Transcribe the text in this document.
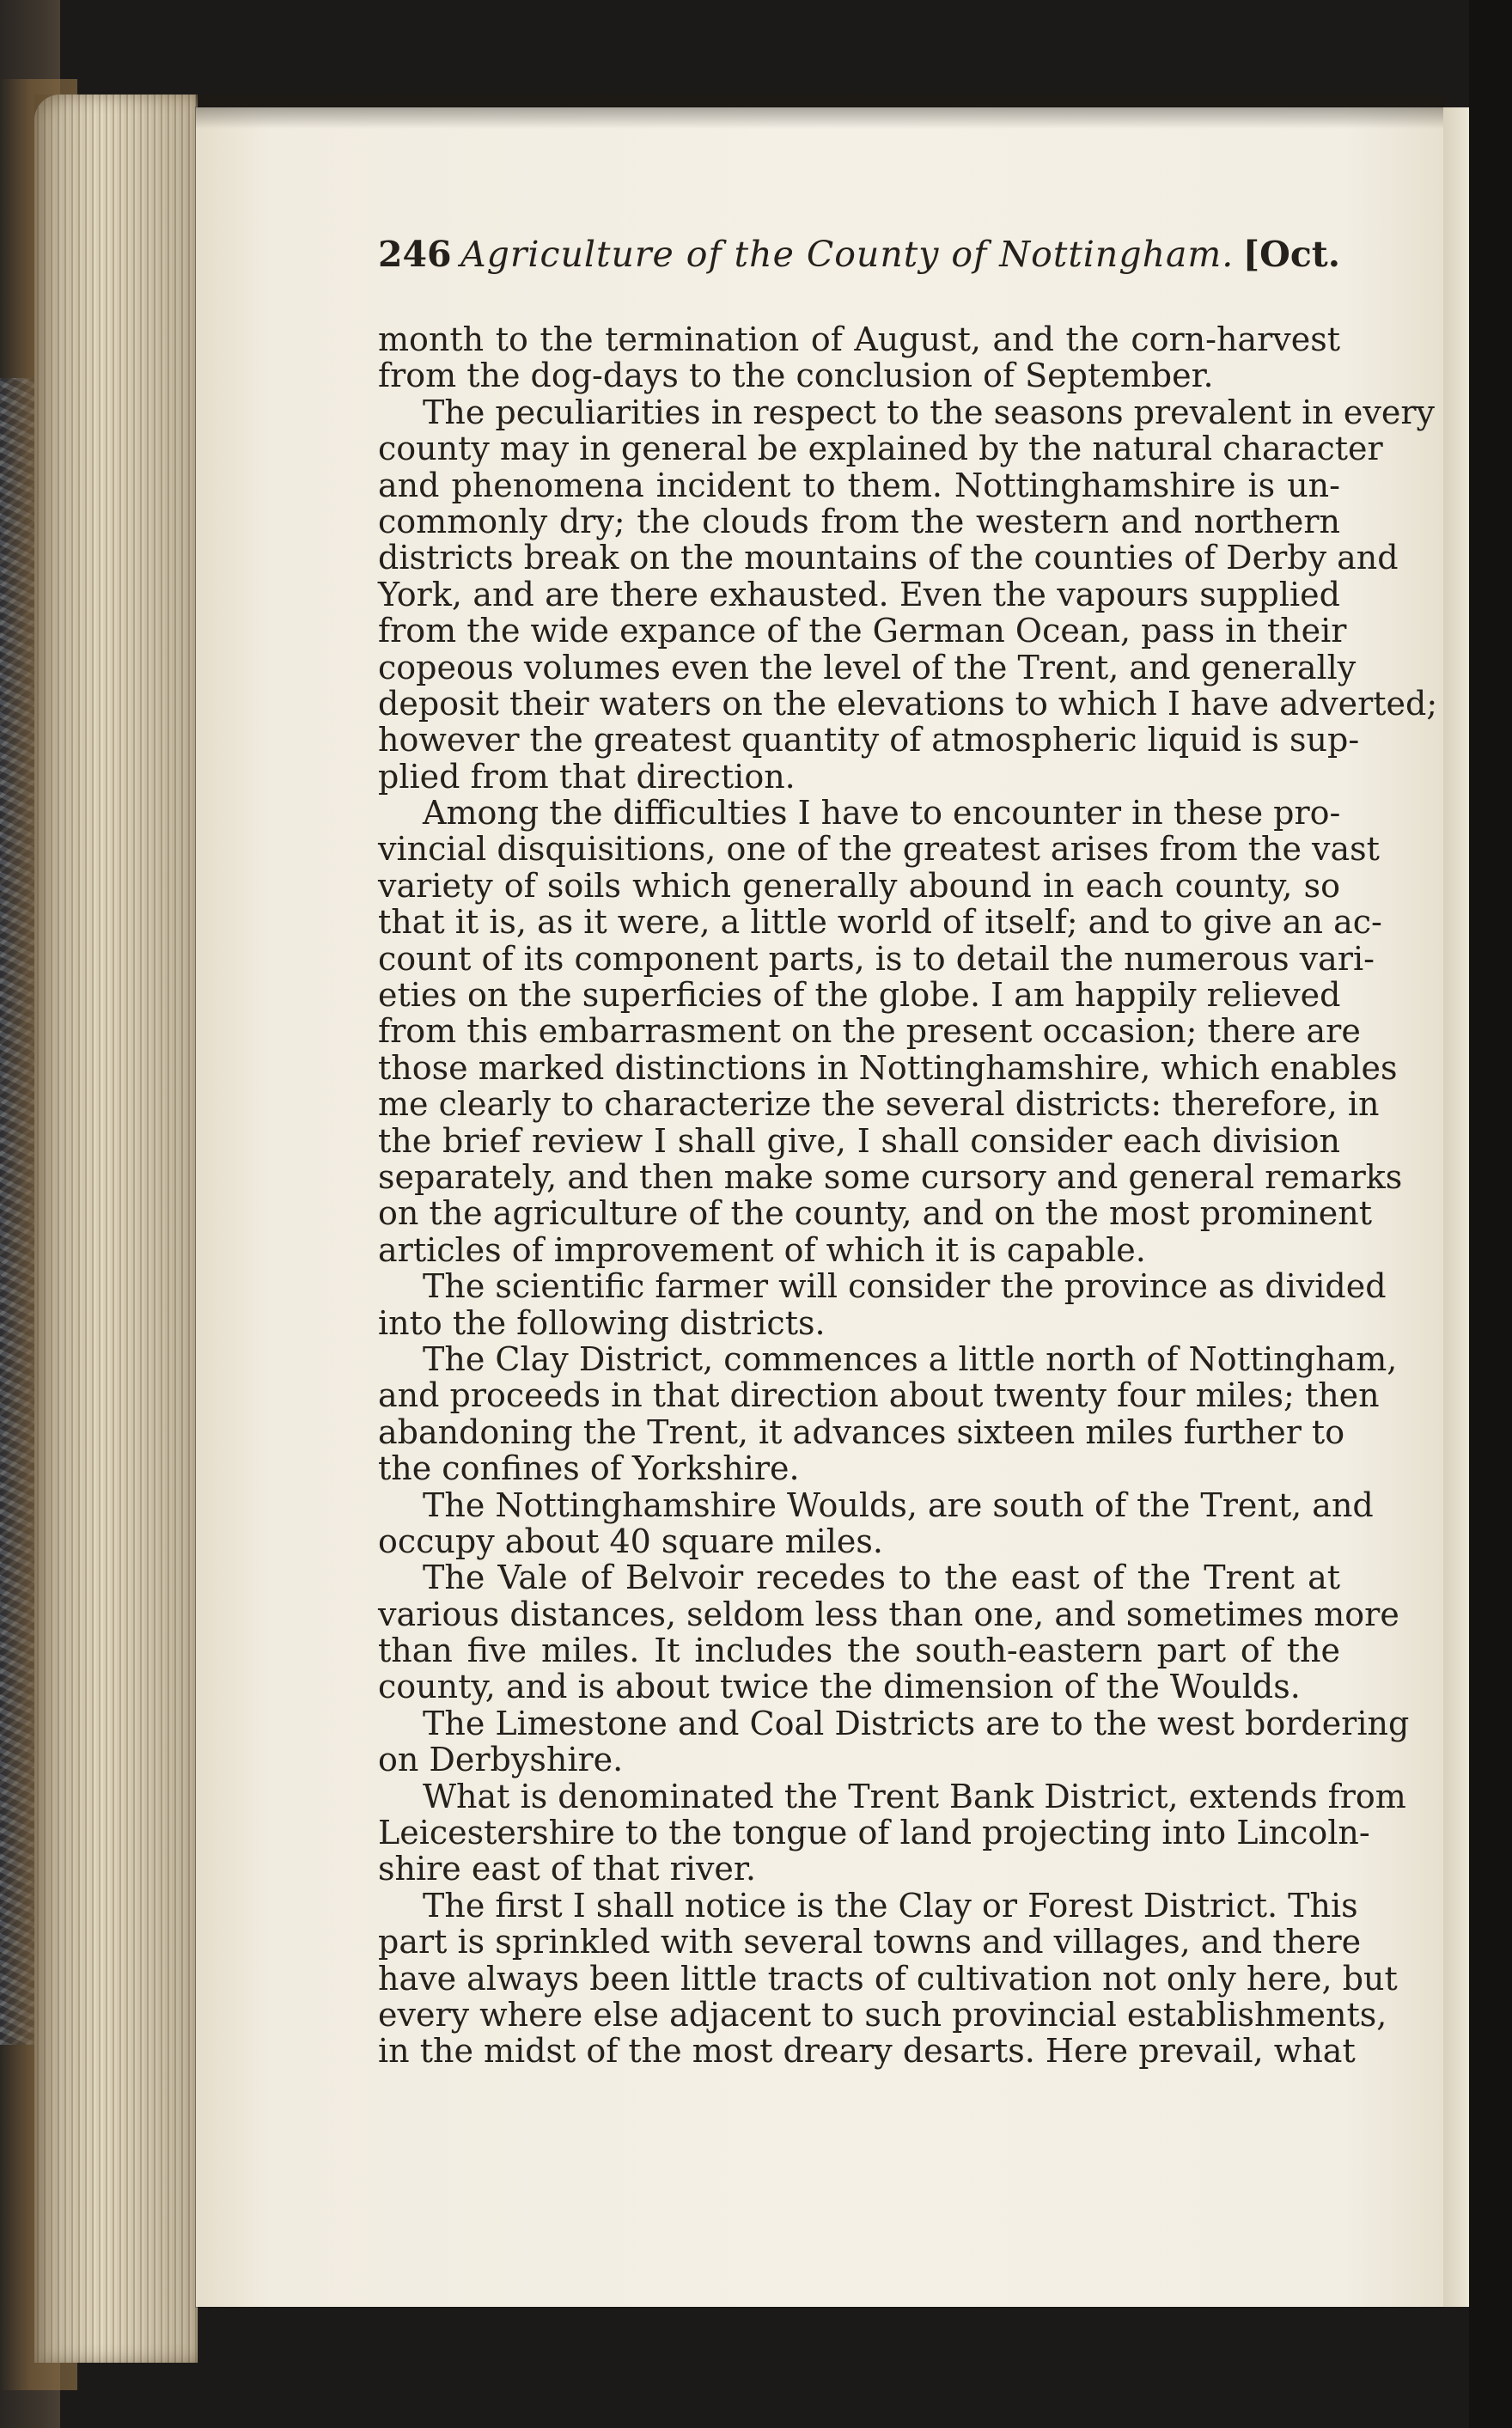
246 Agriculture of the County of Nottingham. [Oct.
month to the termination of August, and the corn-harvest
from the dog-days to the conclusion of September.
The peculiarities in respect to the seasons prevalent in every
county may in general be explained by the natural character
and phenomena incident to them. Nottinghamshire is un-
commonly dry; the clouds from the western and northern
districts break on the mountains of the counties of Derby and
York, and are there exhausted. Even the vapours supplied
from the wide expance of the German Ocean, pass in their
copeous volumes even the level of the Trent, and generally
deposit their waters on the elevations to which I have adverted;
however the greatest quantity of atmospheric liquid is sup-
plied from that direction.
Among the difficulties I have to encounter in these pro-
vincial disquisitions, one of the greatest arises from the vast
variety of soils which generally abound in each county, so
that it is, as it were, a little world of itself; and to give an ac-
count of its component parts, is to detail the numerous vari-
eties on the superficies of the globe. I am happily relieved
from this embarrasment on the present occasion; there are
those marked distinctions in Nottinghamshire, which enables
me clearly to characterize the several districts: therefore, in
the brief review I shall give, I shall consider each division
separately, and then make some cursory and general remarks
on the agriculture of the county, and on the most prominent
articles of improvement of which it is capable.
The scientific farmer will consider the province as divided
into the following districts.
The Clay District, commences a little north of Nottingham,
and proceeds in that direction about twenty four miles; then
abandoning the Trent, it advances sixteen miles further to
the confines of Yorkshire.
The Nottinghamshire Woulds, are south of the Trent, and
occupy about 40 square miles.
The Vale of Belvoir recedes to the east of the Trent at
various distances, seldom less than one, and sometimes more
than five miles. It includes the south-eastern part of the
county, and is about twice the dimension of the Woulds.
The Limestone and Coal Districts are to the west bordering
on Derbyshire.
What is denominated the Trent Bank District, extends from
Leicestershire to the tongue of land projecting into Lincoln-
shire east of that river.
The first I shall notice is the Clay or Forest District. This
part is sprinkled with several towns and villages, and there
have always been little tracts of cultivation not only here, but
every where else adjacent to such provincial establishments,
in the midst of the most dreary desarts. Here prevail, what
